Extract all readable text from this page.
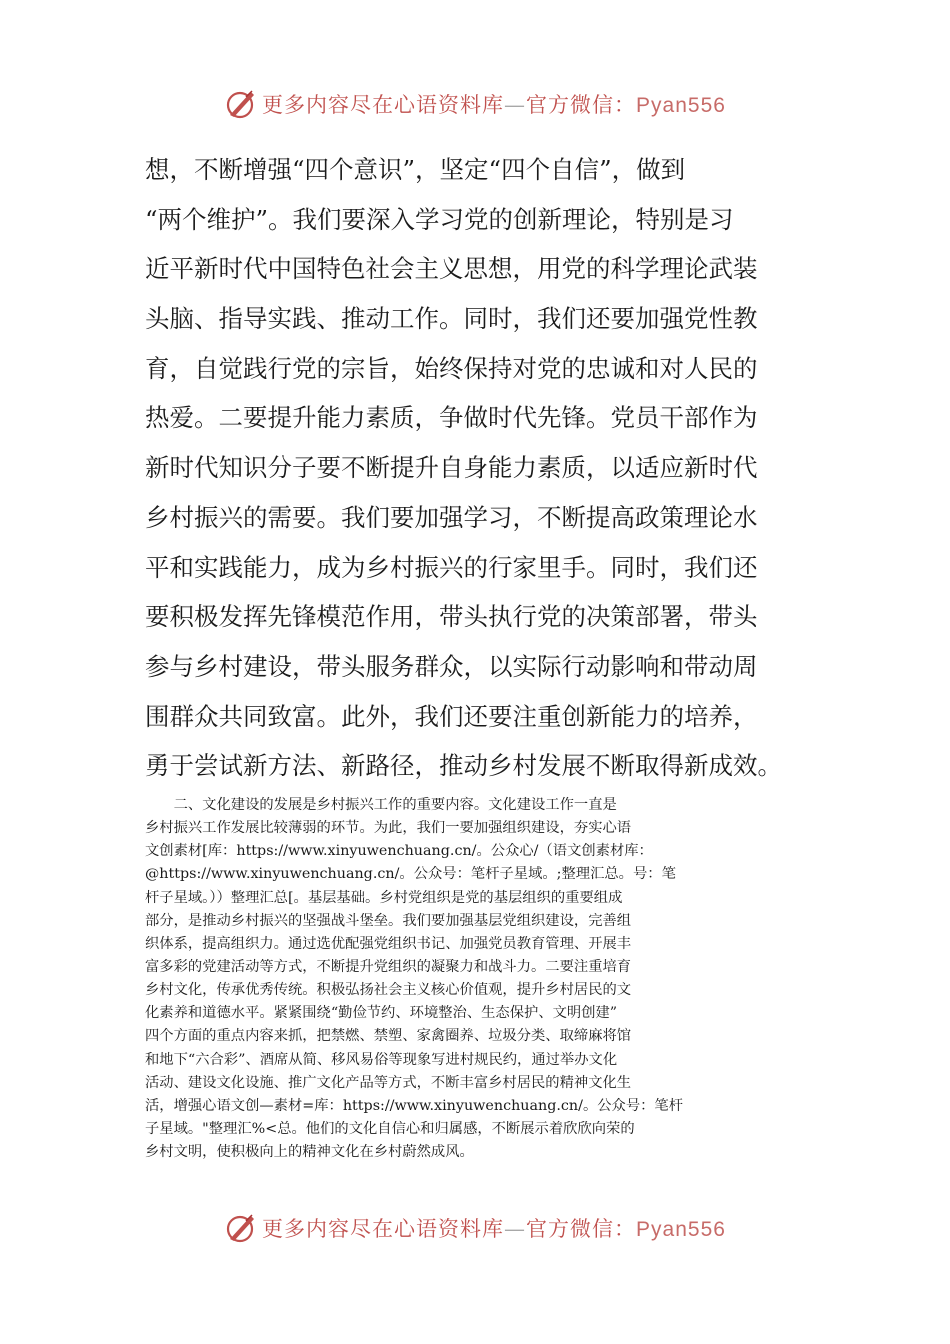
更多内容尽在心语资料库—官方微信：Pyan556
想，不断增强“四个意识”，坚定“四个自信”，做到
“两个维护”。我们要深入学习党的创新理论，特别是习
近平新时代中国特色社会主义思想，用党的科学理论武装
头脑、指导实践、推动工作。同时，我们还要加强党性教
育，自觉践行党的宗旨，始终保持对党的忠诚和对人民的
热爱。二要提升能力素质，争做时代先锋。党员干部作为
新时代知识分子要不断提升自身能力素质，以适应新时代
乡村振兴的需要。我们要加强学习，不断提高政策理论水
平和实践能力，成为乡村振兴的行家里手。同时，我们还
要积极发挥先锋模范作用，带头执行党的决策部署，带头
参与乡村建设，带头服务群众，以实际行动影响和带动周
围群众共同致富。此外，我们还要注重创新能力的培养，
勇于尝试新方法、新路径，推动乡村发展不断取得新成效。
　　二、文化建设的发展是乡村振兴工作的重要内容。文化建设工作一直是
乡村振兴工作发展比较薄弱的环节。为此，我们一要加强组织建设，夯实心语
文创素材[库：https://www.xinyuwenchuang.cn/。公众心/（语文创素材库：
@https://www.xinyuwenchuang.cn/。公众号：笔杆子星域。;整理汇总。号：笔
杆子星域。））整理汇总[。基层基础。乡村党组织是党的基层组织的重要组成
部分，是推动乡村振兴的坚强战斗堡垒。我们要加强基层党组织建设，完善组
织体系，提高组织力。通过选优配强党组织书记、加强党员教育管理、开展丰
富多彩的党建活动等方式，不断提升党组织的凝聚力和战斗力。二要注重培育
乡村文化，传承优秀传统。积极弘扬社会主义核心价值观，提升乡村居民的文
化素养和道德水平。紧紧围绕“勤俭节约、环境整治、生态保护、文明创建”
四个方面的重点内容来抓，把禁燃、禁塑、家禽圈养、垃圾分类、取缔麻将馆
和地下“六合彩”、酒席从简、移风易俗等现象写进村规民约，通过举办文化
活动、建设文化设施、推广文化产品等方式，不断丰富乡村居民的精神文化生
活，增强心语文创—素材=库：https://www.xinyuwenchuang.cn/。公众号：笔杆
子星域。"整理汇%<总。他们的文化自信心和归属感，不断展示着欣欣向荣的
乡村文明，使积极向上的精神文化在乡村蔚然成风。
更多内容尽在心语资料库—官方微信：Pyan556
